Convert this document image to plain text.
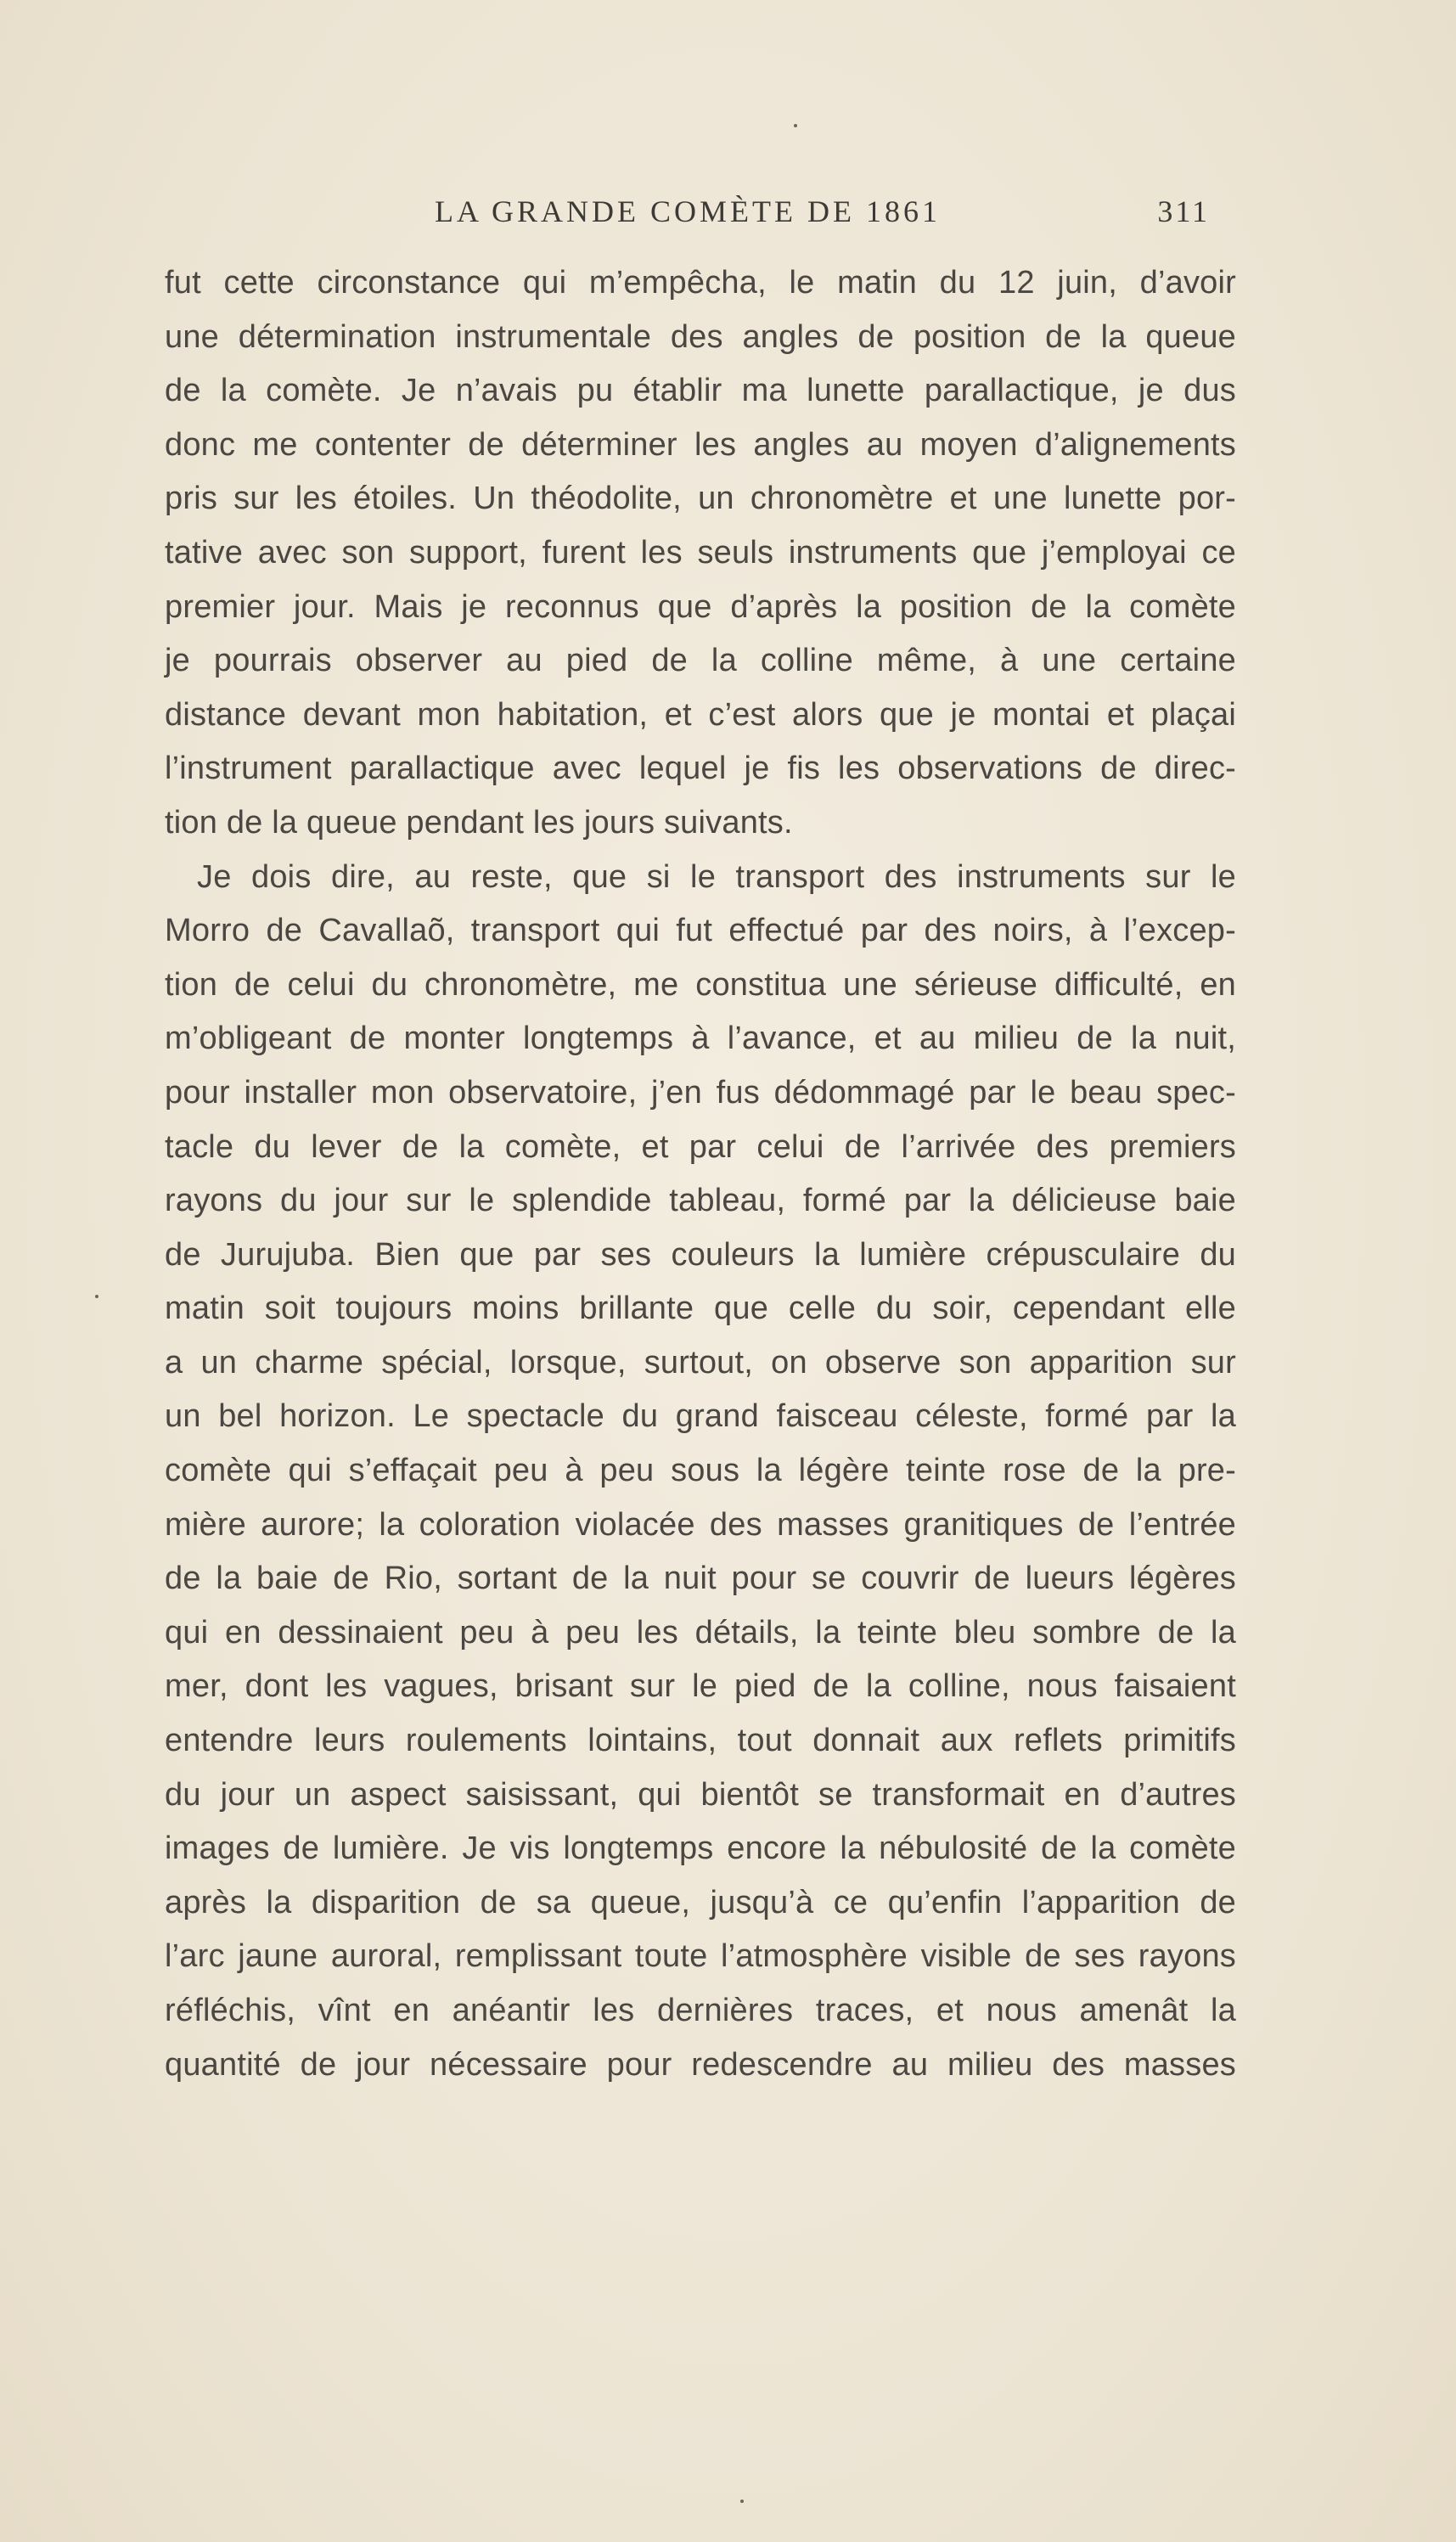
LA GRANDE COMÈTE DE 1861	311
fut cette circonstance qui m’empêcha, le matin du 12 juin, d’avoir
une détermination instrumentale des angles de position de la queue
de la comète. Je n’avais pu établir ma lunette parallactique, je dus
donc me contenter de déterminer les angles au moyen d’alignements
pris sur les étoiles. Un théodolite, un chronomètre et une lunette por-
tative avec son support, furent les seuls instruments que j’employai ce
premier jour. Mais je reconnus que d’après la position de la comète
je pourrais observer au pied de la colline même, à une certaine
distance devant mon habitation, et c’est alors que je montai et plaçai
l’instrument parallactique avec lequel je fis les observations de direc-
tion de la queue pendant les jours suivants.
Je dois dire, au reste, que si le transport des instruments sur le
Morro de Cavallaõ, transport qui fut effectué par des noirs, à l’excep-
tion de celui du chronomètre, me constitua une sérieuse difficulté, en
m’obligeant de monter longtemps à l’avance, et au milieu de la nuit,
pour installer mon observatoire, j’en fus dédommagé par le beau spec-
tacle du lever de la comète, et par celui de l’arrivée des premiers
rayons du jour sur le splendide tableau, formé par la délicieuse baie
de Jurujuba. Bien que par ses couleurs la lumière crépusculaire du
matin soit toujours moins brillante que celle du soir, cependant elle
a un charme spécial, lorsque, surtout, on observe son apparition sur
un bel horizon. Le spectacle du grand faisceau céleste, formé par la
comète qui s’effaçait peu à peu sous la légère teinte rose de la pre-
mière aurore; la coloration violacée des masses granitiques de l’entrée
de la baie de Rio, sortant de la nuit pour se couvrir de lueurs légères
qui en dessinaient peu à peu les détails, la teinte bleu sombre de la
mer, dont les vagues, brisant sur le pied de la colline, nous faisaient
entendre leurs roulements lointains, tout donnait aux reflets primitifs
du jour un aspect saisissant, qui bientôt se transformait en d’autres
images de lumière. Je vis longtemps encore la nébulosité de la comète
après la disparition de sa queue, jusqu’à ce qu’enfin l’apparition de
l’arc jaune auroral, remplissant toute l’atmosphère visible de ses rayons
réfléchis, vînt en anéantir les dernières traces, et nous amenât la
quantité de jour nécessaire pour redescendre au milieu des masses
